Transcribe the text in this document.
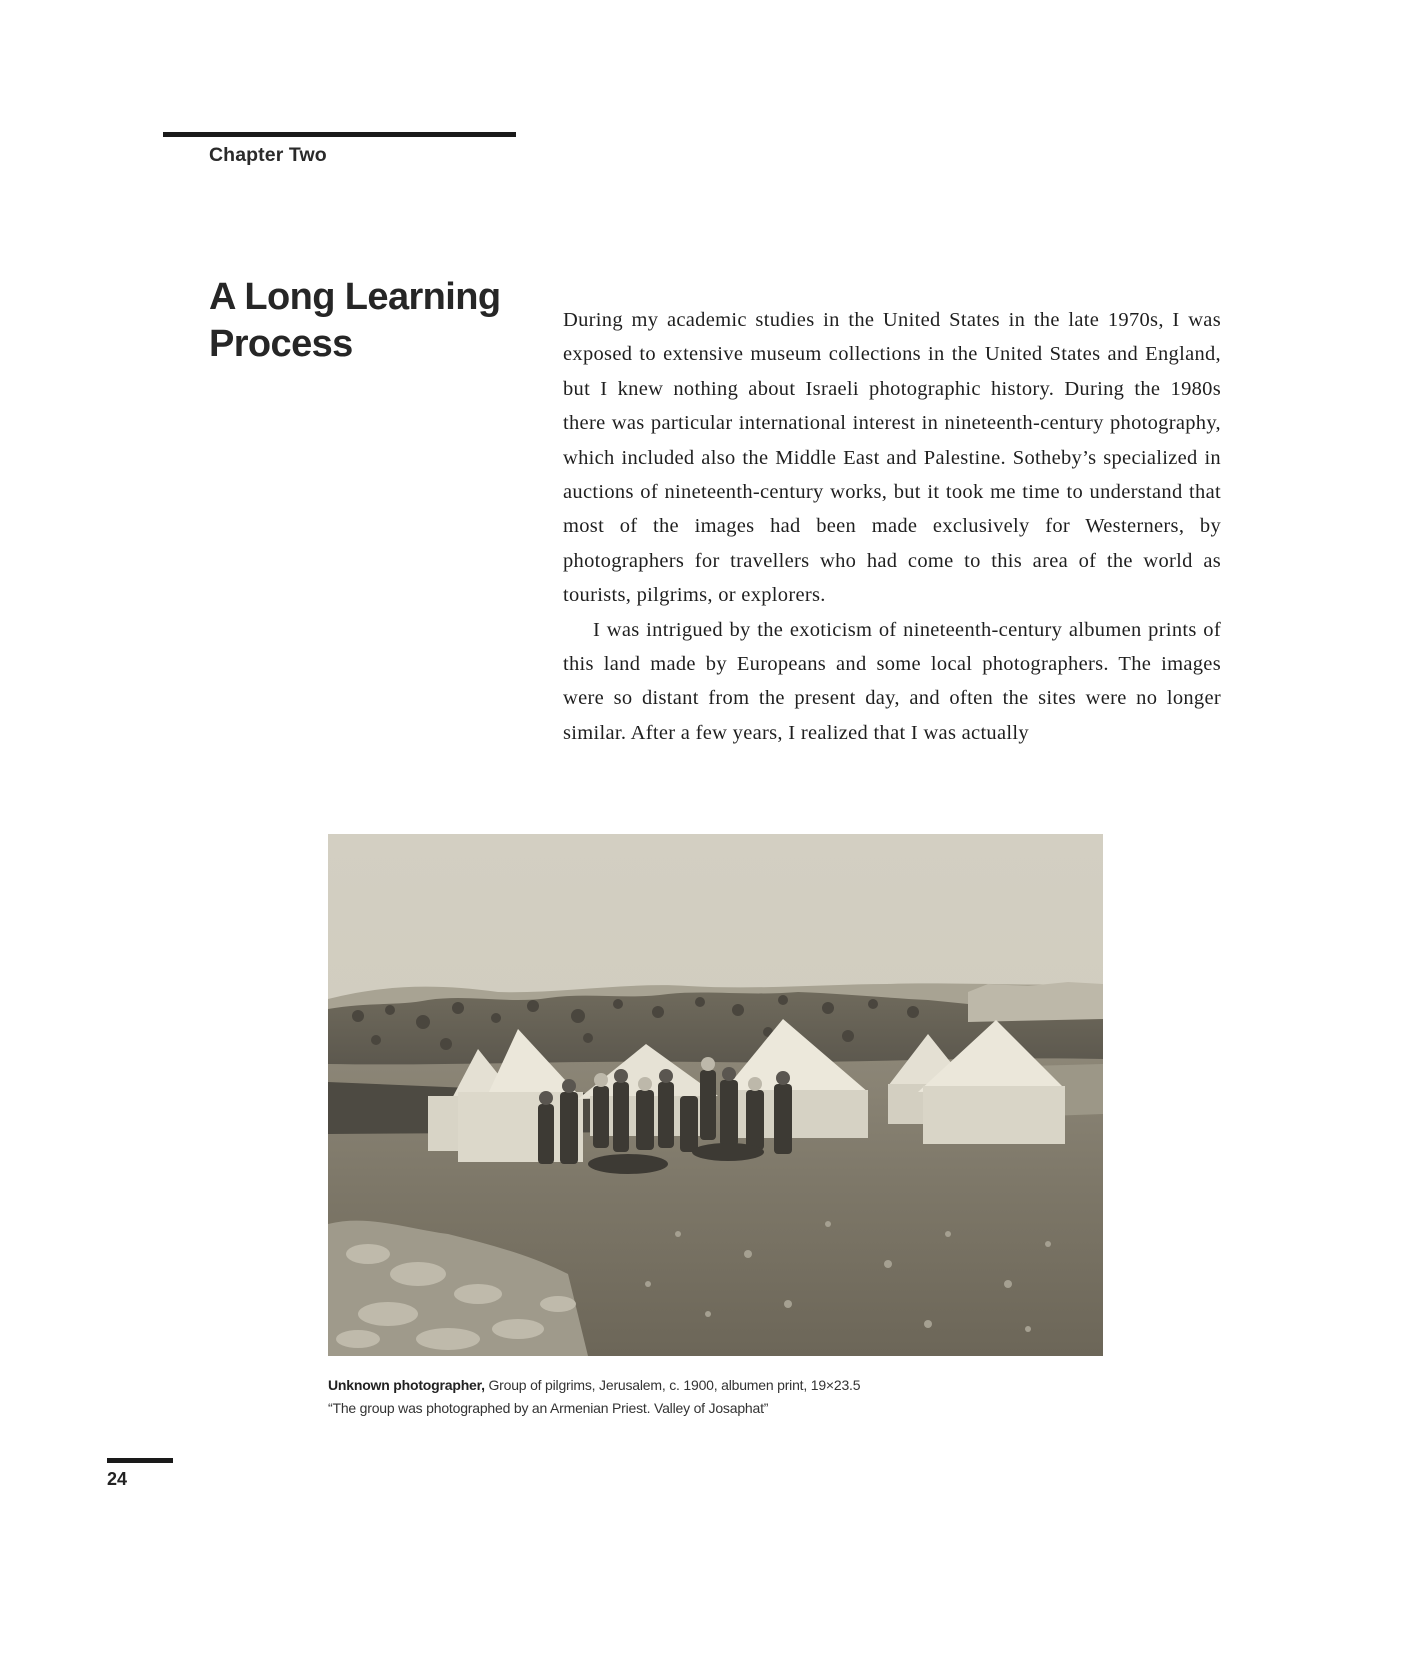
Chapter Two
A Long Learning
Process

During my academic studies in the United States in the late 1970s, I was exposed to extensive museum collections in the United States and England, but I knew nothing about Israeli photographic history. During the 1980s there was particular international interest in nineteenth-century photography, which included also the Middle East and Palestine. Sotheby’s specialized in auctions of nineteenth-century works, but it took me time to understand that most of the images had been made exclusively for Westerners, by photographers for travellers who had come to this area of the world as tourists, pilgrims, or explorers.

I was intrigued by the exoticism of nineteenth-century albumen prints of this land made by Europeans and some local photographers. The images were so distant from the present day, and often the sites were no longer similar. After a few years, I realized that I was actually

Unknown photographer, Group of pilgrims, Jerusalem, c. 1900, albumen print, 19×23.5
“The group was photographed by an Armenian Priest. Valley of Josaphat”
24
